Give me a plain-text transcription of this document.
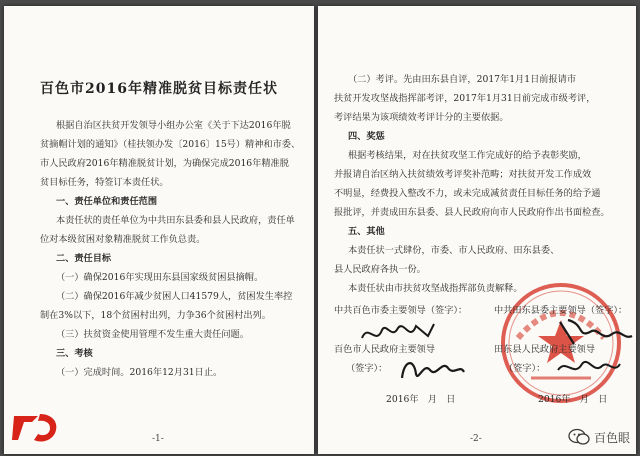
百色市2016年精准脱贫目标责任状
根据自治区扶贫开发领导小组办公室《关于下达2016年脱
贫摘帽计划的通知》（桂扶领办发〔2016〕15号）精神和市委、
市人民政府2016年精准脱贫计划，为确保完成2016年精准脱
贫目标任务，特签订本责任状。
一、责任单位和责任范围
本责任状的责任单位为中共田东县委和县人民政府，责任单
位对本级贫困对象精准脱贫工作负总责。
二、责任目标
（一）确保2016年实现田东县国家级贫困县摘帽。
（二）确保2016年减少贫困人口41579人，贫困发生率控
制在3%以下，18个贫困村出列，力争36个贫困村出列。
（三）扶贫资金使用管理不发生重大责任问题。
三、考核
（一）完成时间。2016年12月31日止。
-1-
（二）考评。先由田东县自评，2017年1月1日前报请市
扶贫开发攻坚战指挥部考评，2017年1月31日前完成市级考评，
考评结果为该项绩效考评计分的主要依据。
四、奖惩
根据考核结果，对在扶贫攻坚工作完成好的给予表彰奖励，
并报请自治区纳入扶贫绩效考评奖补范畴；对扶贫开发工作成效
不明显，经费投入整改不力，或未完成减贫责任目标任务的给予通
报批评，并责成田东县委、县人民政府向市人民政府作出书面检查。
五、其他
本责任状一式肆份，市委、市人民政府、田东县委、
县人民政府各执一份。
本责任状由市扶贫攻坚战指挥部负责解释。
中共百色市委主要领导（签字）：	中共田东县委主要领导（签字）：
百色市人民政府主要领导	田东县人民政府主要领导
（签字）：	（签字）：
2016年　月　日	2016年　月　日
-2-	百色眼
